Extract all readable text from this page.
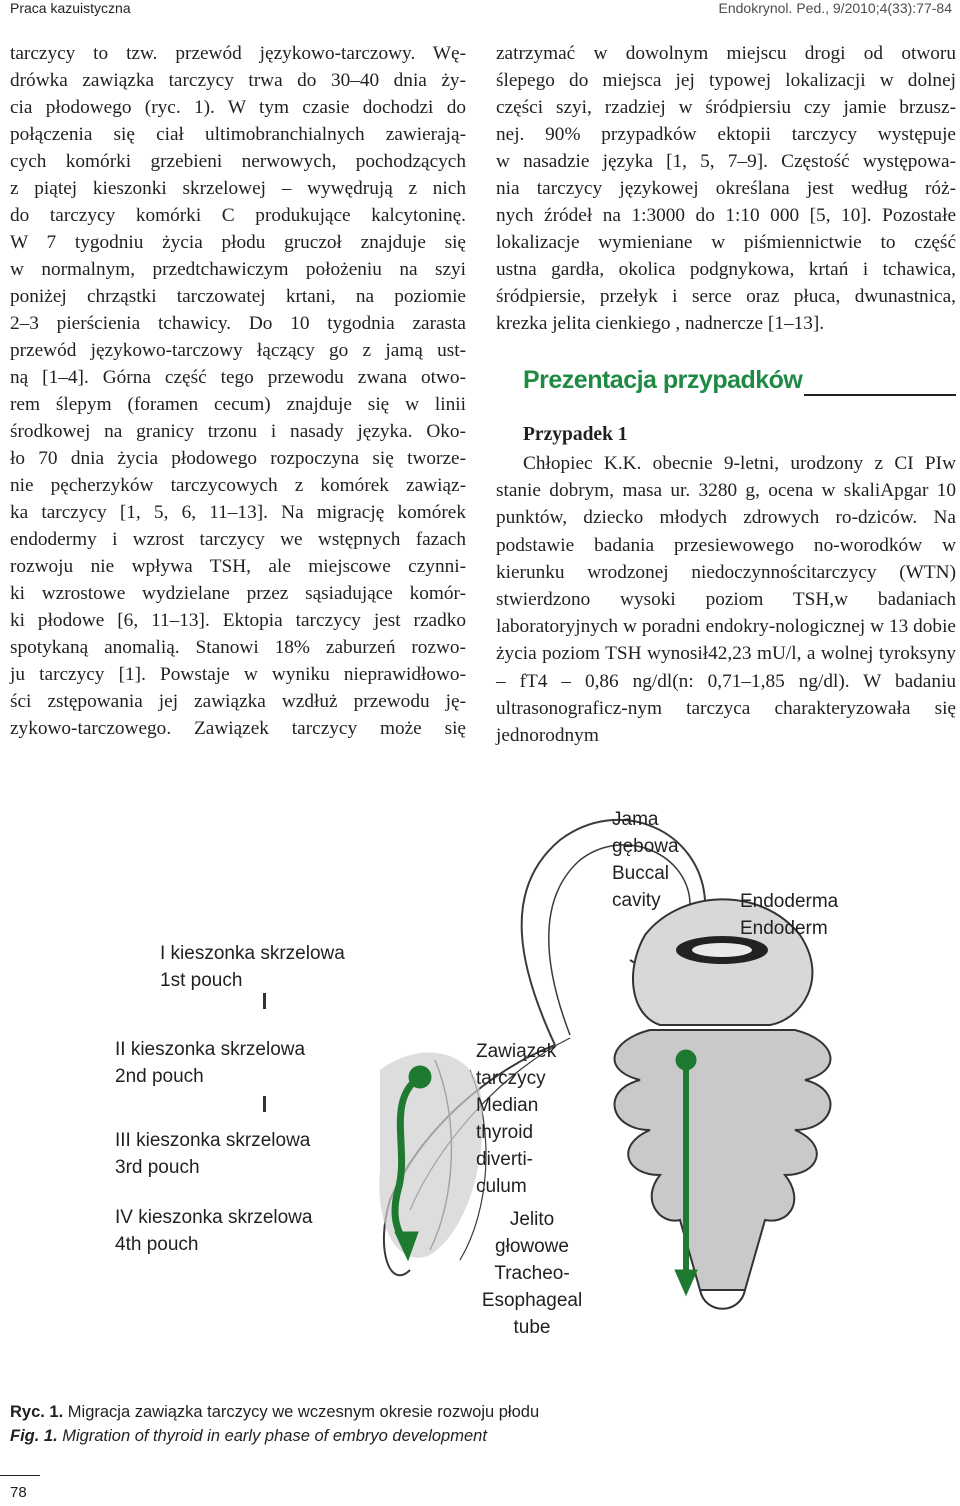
Praca kazuistyczna	Endokrynol. Ped., 9/2010;4(33):77-84
tarczycy to tzw. przewód językowo-tarczowy. Wę-
drówka zawiązka tarczycy trwa do 30–40 dnia ży-
cia płodowego (ryc. 1). W tym czasie dochodzi do
połączenia się ciał ultimobranchialnych zawierają-
cych komórki grzebieni nerwowych, pochodzących
z piątej kieszonki skrzelowej – wywędrują z nich
do tarczycy komórki C produkujące kalcytoninę.
W 7 tygodniu życia płodu gruczoł znajduje się
w normalnym, przedtchawiczym położeniu na szyi
poniżej chrząstki tarczowatej krtani, na poziomie
2–3 pierścienia tchawicy. Do 10 tygodnia zarasta
przewód językowo-tarczowy łączący go z jamą ust-
ną [1–4]. Górna część tego przewodu zwana otwo-
rem ślepym (foramen cecum) znajduje się w linii
środkowej na granicy trzonu i nasady języka. Oko-
ło 70 dnia życia płodowego rozpoczyna się tworze-
nie pęcherzyków tarczycowych z komórek zawiąz-
ka tarczycy [1, 5, 6, 11–13]. Na migrację komórek
endodermy i wzrost tarczycy we wstępnych fazach
rozwoju nie wpływa TSH, ale miejscowe czynni-
ki wzrostowe wydzielane przez sąsiadujące komór-
ki płodowe [6, 11–13]. Ektopia tarczycy jest rzadko
spotykaną anomalią. Stanowi 18% zaburzeń rozwo-
ju tarczycy [1]. Powstaje w wyniku nieprawidłowo-
ści zstępowania jej zawiązka wzdłuż przewodu ję-
zykowo-tarczowego. Zawiązek tarczycy może się
zatrzymać w dowolnym miejscu drogi od otworu
ślepego do miejsca jej typowej lokalizacji w dolnej
części szyi, rzadziej w śródpiersiu czy jamie brzusz-
nej. 90% przypadków ektopii tarczycy występuje
w nasadzie języka [1, 5, 7–9]. Częstość występowa-
nia tarczycy językowej określana jest według róż-
nych źródeł na 1:3000 do 1:10 000 [5, 10]. Pozostałe
lokalizacje wymieniane w piśmiennictwie to część
ustna gardła, okolica podgnykowa, krtań i tchawica,
śródpiersie, przełyk i serce oraz płuca, dwunastnica,
krezka jelita cienkiego , nadnercze [1–13].
Prezentacja przypadków
Przypadek 1
Chłopiec K.K. obecnie 9-letni, urodzony z CI PIw stanie dobrym, masa ur. 3280 g, ocena w skaliApgar 10 punktów, dziecko młodych zdrowych ro-dziców. Na podstawie badania przesiewowego no-worodków w kierunku wrodzonej niedoczynnościtarczycy (WTN) stwierdzono wysoki poziom TSH,w badaniach laboratoryjnych w poradni endokry-nologicznej w 13 dobie życia poziom TSH wynosił42,23 mU/l, a wolnej tyroksyny – fT4 – 0,86 ng/dl(n: 0,71–1,85 ng/dl). W badaniu ultrasonograficz-nym tarczyca charakteryzowała się jednorodnym
I kieszonka skrzelowa
1st pouch
II kieszonka skrzelowa
2nd pouch
III kieszonka skrzelowa
3rd pouch
IV kieszonka skrzelowa
4th pouch
Jama
gębowa
Buccal
cavity	Endoderma
Endoderm
Zawiązek
tarczycy
Median
thyroid
diverti-
culum
Jelito
głowowe
Tracheo-
Esophageal
tube
Ryc. 1. Migracja zawiązka tarczycy we wczesnym okresie rozwoju płodu
Fig. 1. Migration of thyroid in early phase of embryo development
78
